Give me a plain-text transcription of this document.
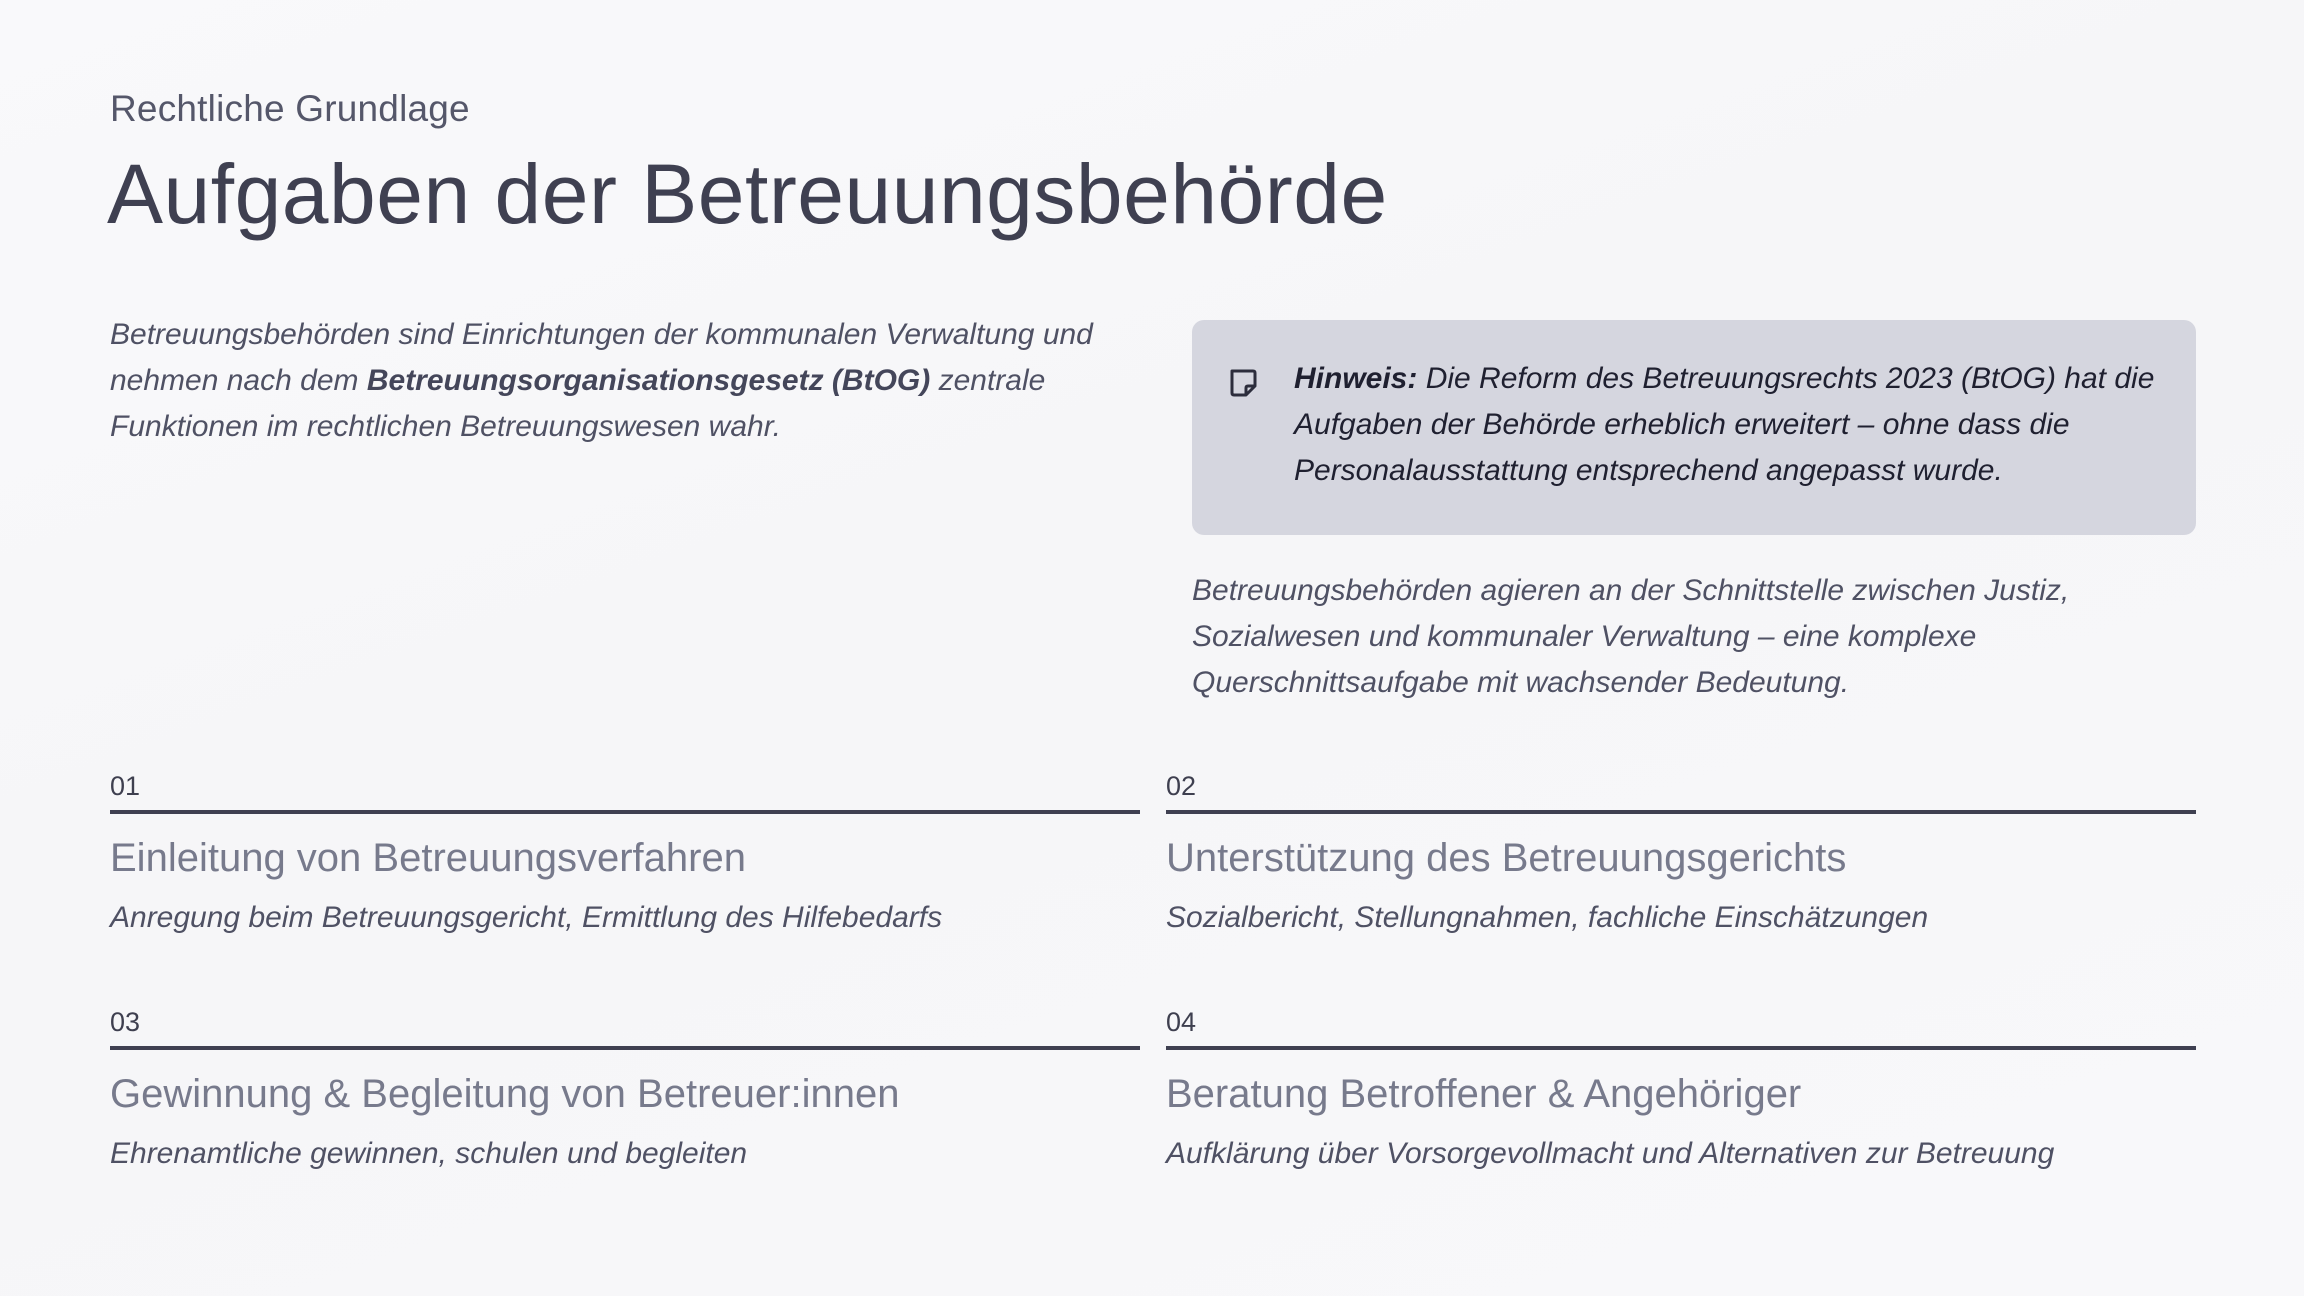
Rechtliche Grundlage
Aufgaben der Betreuungsbehörde
Betreuungsbehörden sind Einrichtungen der kommunalen Verwaltung und nehmen nach dem Betreuungsorganisationsgesetz (BtOG) zentrale Funktionen im rechtlichen Betreuungswesen wahr.
Hinweis: Die Reform des Betreuungsrechts 2023 (BtOG) hat die Aufgaben der Behörde erheblich erweitert – ohne dass die Personalausstattung entsprechend angepasst wurde.
Betreuungsbehörden agieren an der Schnittstelle zwischen Justiz, Sozialwesen und kommunaler Verwaltung – eine komplexe Querschnittsaufgabe mit wachsender Bedeutung.
01
Einleitung von Betreuungsverfahren
Anregung beim Betreuungsgericht, Ermittlung des Hilfebedarfs
02
Unterstützung des Betreuungsgerichts
Sozialbericht, Stellungnahmen, fachliche Einschätzungen
03
Gewinnung & Begleitung von Betreuer:innen
Ehrenamtliche gewinnen, schulen und begleiten
04
Beratung Betroffener & Angehöriger
Aufklärung über Vorsorgevollmacht und Alternativen zur Betreuung
